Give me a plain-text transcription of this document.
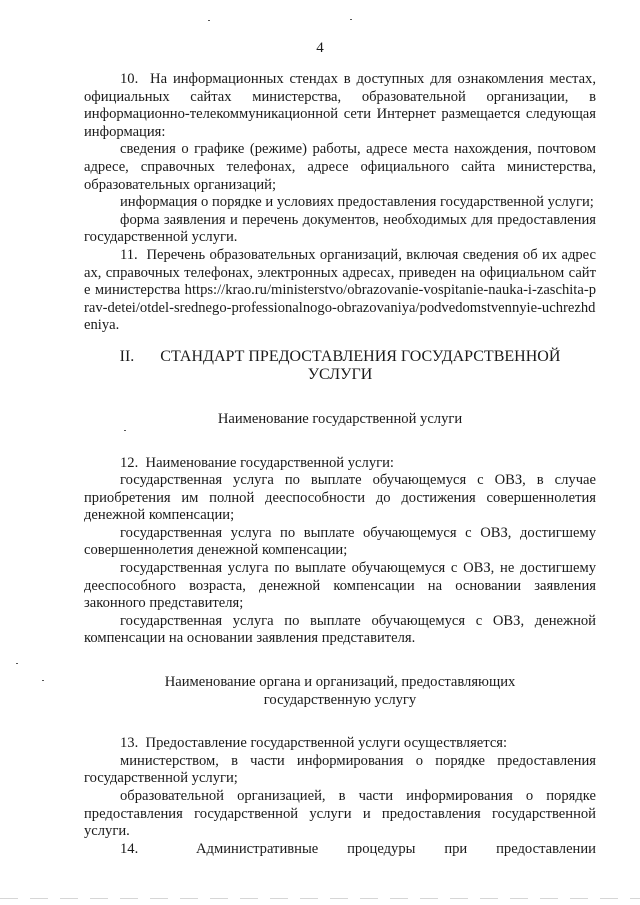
4

10.  На информационных стендах в доступных для ознакомления местах, официальных сайтах министерства, образовательной организации, в информационно-телекоммуникационной сети Интернет размещается следующая информация:

сведения о графике (режиме) работы, адресе места нахождения, почтовом адресе, справочных телефонах, адресе официального сайта министерства, образовательных организаций;

информация о порядке и условиях предоставления государственной услуги;

форма заявления и перечень документов, необходимых для предоставления государственной услуги.

11.  Перечень образовательных организаций, включая сведения об их адресах, справочных телефонах, электронных адресах, приведен на официальном сайте министерства https://krao.ru/ministerstvo/obrazovanie-vospitanie-nauka-i-zaschita-prav-detei/otdel-srednego-professionalnogo-obrazovaniya/podvedomstvennyie-uchrezhdeniya.

II. СТАНДАРТ ПРЕДОСТАВЛЕНИЯ ГОСУДАРСТВЕННОЙ
УСЛУГИ

Наименование государственной услуги

12.  Наименование государственной услуги:

государственная услуга по выплате обучающемуся с ОВЗ, в случае приобретения им полной дееспособности до достижения совершеннолетия денежной компенсации;

государственная услуга по выплате обучающемуся с ОВЗ, достигшему совершеннолетия денежной компенсации;

государственная услуга по выплате обучающемуся с ОВЗ, не достигшему дееспособного возраста, денежной компенсации на основании заявления законного представителя;

государственная услуга по выплате обучающемуся с ОВЗ, денежной компенсации на основании заявления представителя.

Наименование органа и организаций, предоставляющих
государственную услугу

13.  Предоставление государственной услуги осуществляется:

министерством, в части информирования о порядке предоставления государственной услуги;

образовательной организацией, в части информирования о порядке предоставления государственной услуги и предоставления государственной услуги.

14.  Административные процедуры при предоставлении
